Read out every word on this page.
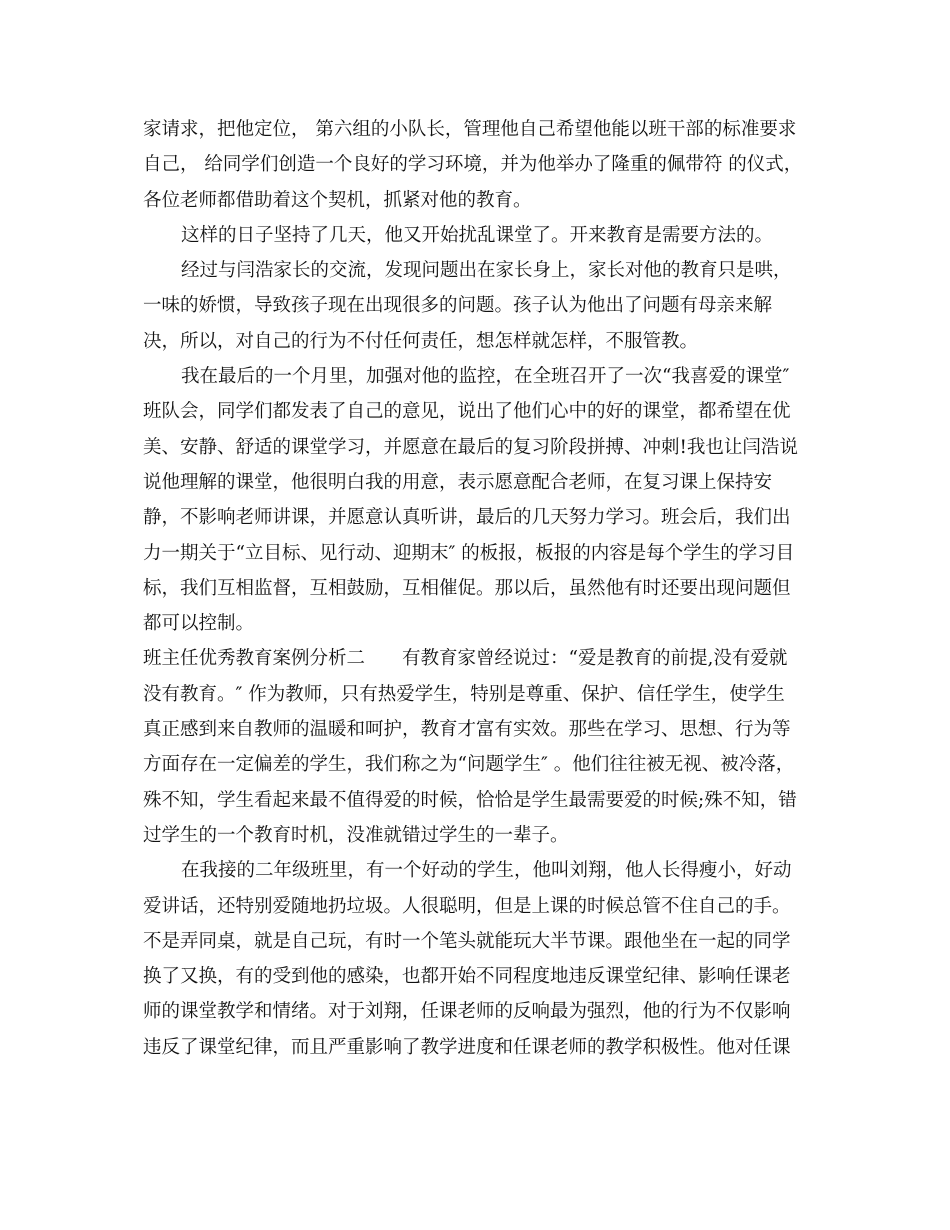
家请求，把他定位， 第六组的小队长，管理他自己希望他能以班干部的标准要求
自己， 给同学们创造一个良好的学习环境，并为他举办了隆重的佩带符 的仪式，
各位老师都借助着这个契机，抓紧对他的教育。
这样的日子坚持了几天，他又开始扰乱课堂了。开来教育是需要方法的。
经过与闫浩家长的交流，发现问题出在家长身上，家长对他的教育只是哄，
一味的娇惯，导致孩子现在出现很多的问题。孩子认为他出了问题有母亲来解
决，所以，对自己的行为不付任何责任，想怎样就怎样，不服管教。
我在最后的一个月里，加强对他的监控，在全班召开了一次“我喜爱的课堂″
班队会，同学们都发表了自己的意见，说出了他们心中的好的课堂，都希望在优
美、安静、舒适的课堂学习，并愿意在最后的复习阶段拼搏、冲刺!我也让闫浩说
说他理解的课堂，他很明白我的用意，表示愿意配合老师，在复习课上保持安
静，不影响老师讲课，并愿意认真听讲，最后的几天努力学习。班会后，我们出
力一期关于“立目标、见行动、迎期末″ 的板报，板报的内容是每个学生的学习目
标，我们互相监督，互相鼓励，互相催促。那以后，虽然他有时还要出现问题但
都可以控制。
班主任优秀教育案例分析二　　有教育家曾经说过：“爱是教育的前提,没有爱就
没有教育。″ 作为教师，只有热爱学生，特别是尊重、保护、信任学生，使学生
真正感到来自教师的温暖和呵护，教育才富有实效。那些在学习、思想、行为等
方面存在一定偏差的学生，我们称之为“问题学生″ 。他们往往被无视、被冷落，
殊不知，学生看起来最不值得爱的时候，恰恰是学生最需要爱的时候;殊不知，错
过学生的一个教育时机，没准就错过学生的一辈子。
在我接的二年级班里，有一个好动的学生，他叫刘翔，他人长得瘦小，好动
爱讲话，还特别爱随地扔垃圾。人很聪明，但是上课的时候总管不住自己的手。
不是弄同桌，就是自己玩，有时一个笔头就能玩大半节课。跟他坐在一起的同学
换了又换，有的受到他的感染，也都开始不同程度地违反课堂纪律、影响任课老
师的课堂教学和情绪。对于刘翔，任课老师的反响最为强烈，他的行为不仅影响
违反了课堂纪律，而且严重影响了教学进度和任课老师的教学积极性。他对任课
